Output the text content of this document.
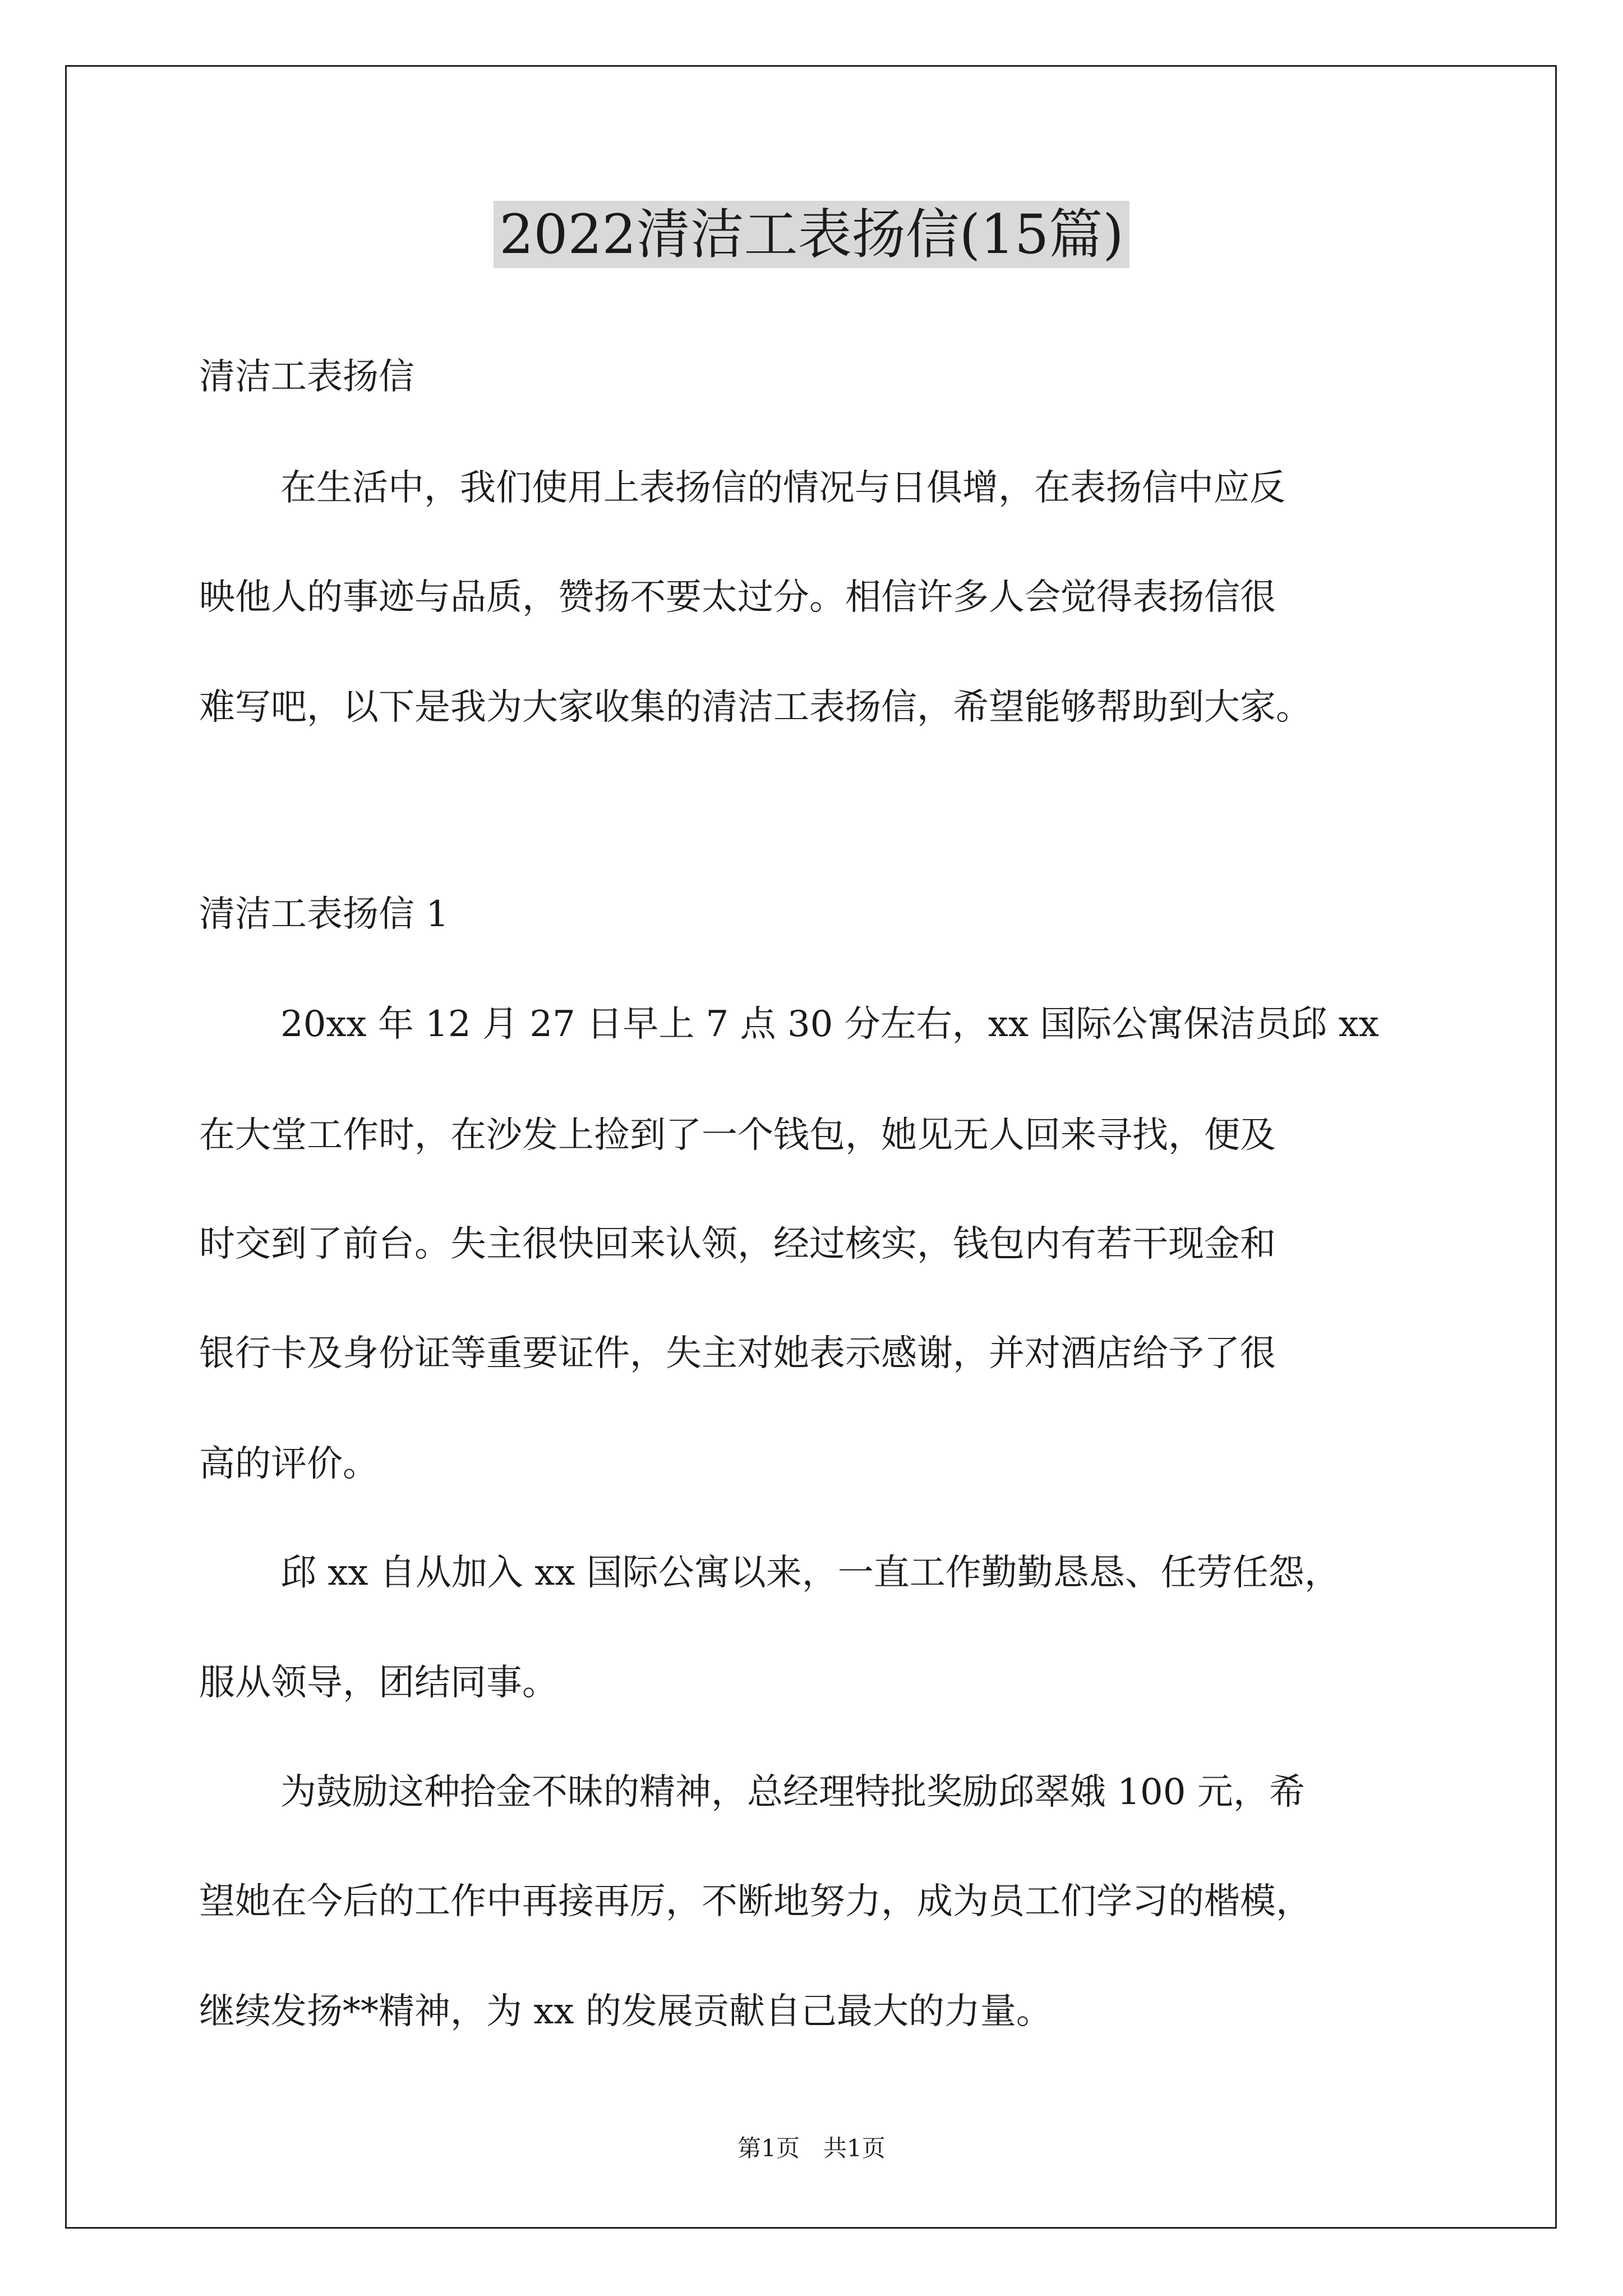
2022清洁工表扬信(15篇)
清洁工表扬信
在生活中，我们使用上表扬信的情况与日俱增，在表扬信中应反
映他人的事迹与品质，赞扬不要太过分。相信许多人会觉得表扬信很
难写吧，以下是我为大家收集的清洁工表扬信，希望能够帮助到大家。
清洁工表扬信 1
20xx 年 12 月 27 日早上 7 点 30 分左右，xx 国际公寓保洁员邱 xx
在大堂工作时，在沙发上捡到了一个钱包，她见无人回来寻找，便及
时交到了前台。失主很快回来认领，经过核实，钱包内有若干现金和
银行卡及身份证等重要证件，失主对她表示感谢，并对酒店给予了很
高的评价。
邱 xx 自从加入 xx 国际公寓以来，一直工作勤勤恳恳、任劳任怨，
服从领导，团结同事。
为鼓励这种拾金不昧的精神，总经理特批奖励邱翠娥 100 元，希
望她在今后的工作中再接再厉，不断地努力，成为员工们学习的楷模，
继续发扬**精神，为 xx 的发展贡献自己最大的力量。
第1页　共1页
